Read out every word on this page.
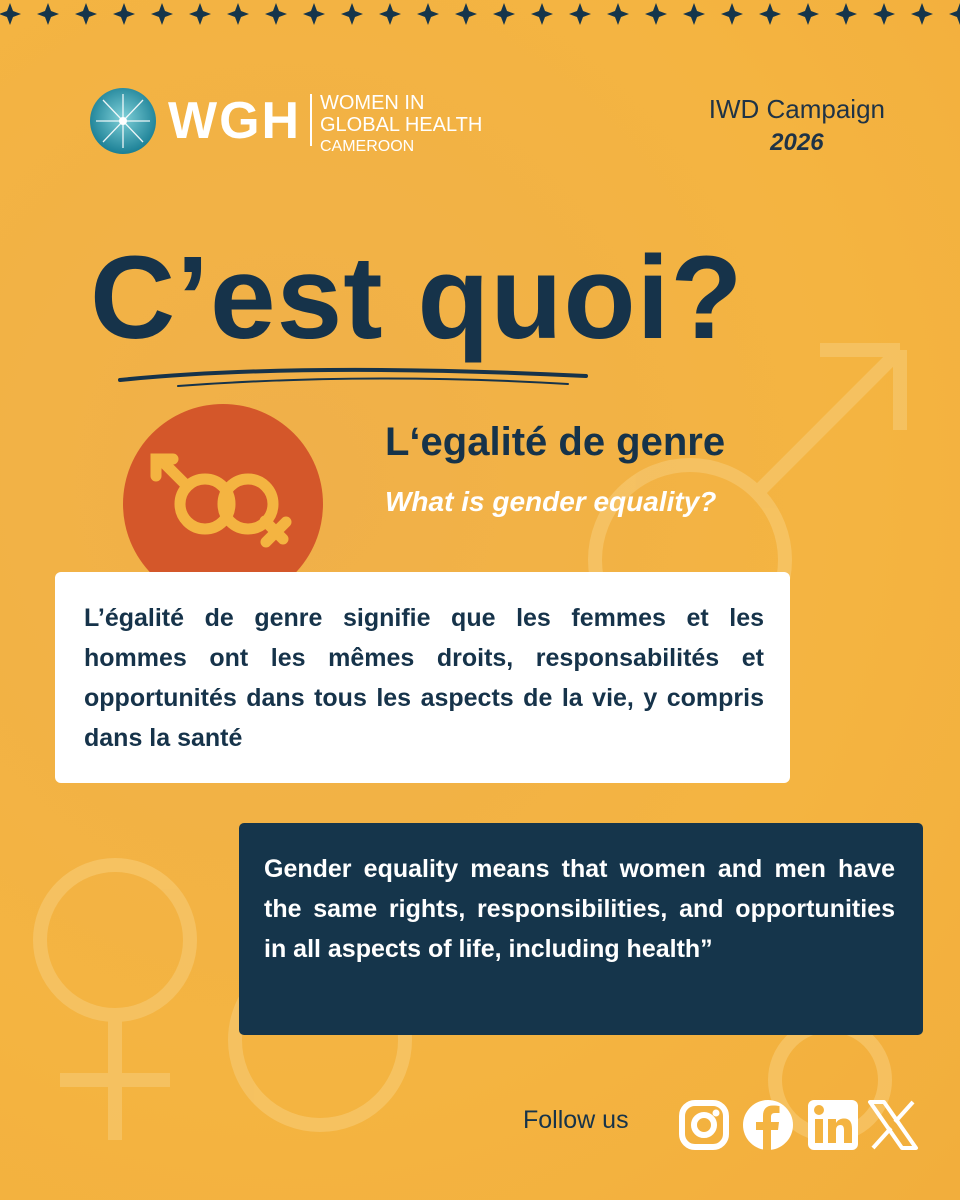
WGH WOMEN IN
GLOBAL HEALTH
CAMEROON
IWD Campaign
2026
C’est quoi?
L‘egalité de genre
What is gender equality?

L’égalité de genre signifie que les femmes et les hommes ont les mêmes droits, responsabilités et opportunités dans tous les aspects de la vie, y compris dans la santé

Gender equality means that women and men have the same rights, responsibilities, and opportunities in all aspects of life, including health”

Follow us
